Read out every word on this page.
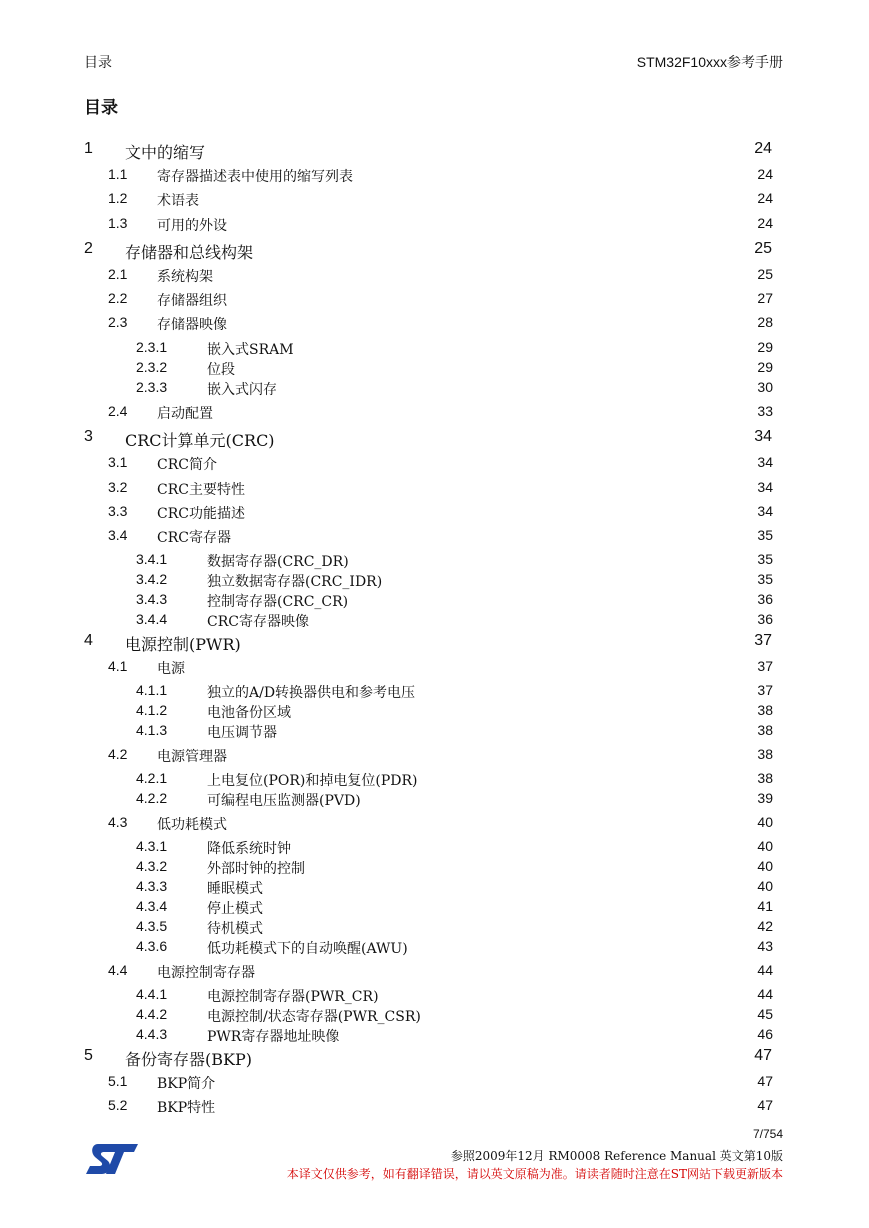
目录	STM32F10xxx参考手册
目录
1 文中的缩写	24
1.1 寄存器描述表中使用的缩写列表	24
1.2 术语表	24
1.3 可用的外设	24
2 存储器和总线构架	25
2.1 系统构架	25
2.2 存储器组织	27
2.3 存储器映像	28
2.3.1	嵌入式SRAM	29
2.3.2	位段	29
2.3.3	嵌入式闪存	30
2.4 启动配置	33
3 CRC计算单元(CRC)	34
3.1 CRC简介	34
3.2 CRC主要特性	34
3.3 CRC功能描述	34
3.4 CRC寄存器	35
3.4.1	数据寄存器(CRC_DR)	35
3.4.2	独立数据寄存器(CRC_IDR)	35
3.4.3	控制寄存器(CRC_CR)	36
3.4.4	CRC寄存器映像	36
4 电源控制(PWR)	37
4.1 电源	37
4.1.1	独立的A/D转换器供电和参考电压	37
4.1.2	电池备份区域	38
4.1.3	电压调节器	38
4.2 电源管理器	38
4.2.1	上电复位(POR)和掉电复位(PDR)	38
4.2.2	可编程电压监测器(PVD)	39
4.3 低功耗模式	40
4.3.1	降低系统时钟	40
4.3.2	外部时钟的控制	40
4.3.3	睡眠模式	40
4.3.4	停止模式	41
4.3.5	待机模式	42
4.3.6	低功耗模式下的自动唤醒(AWU)	43
4.4 电源控制寄存器	44
4.4.1	电源控制寄存器(PWR_CR)	44
4.4.2	电源控制/状态寄存器(PWR_CSR)	45
4.4.3	PWR寄存器地址映像	46
5 备份寄存器(BKP)	47
5.1 BKP简介	47
5.2 BKP特性	47
7/754
参照2009年12月 RM0008 Reference Manual 英文第10版
本译文仅供参考，如有翻译错误，请以英文原稿为准。请读者随时注意在ST网站下载更新版本
